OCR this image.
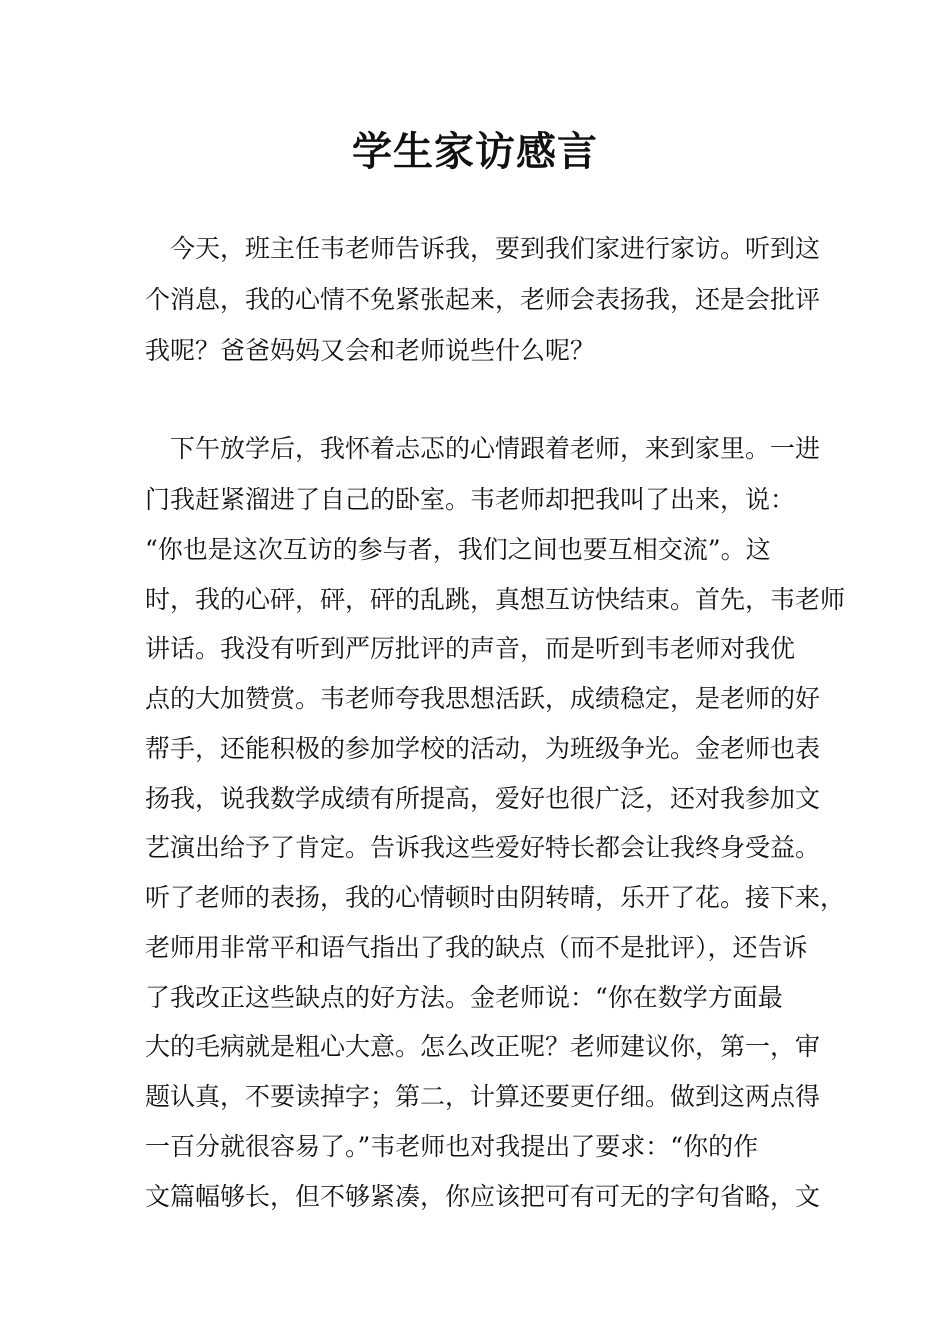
学生家访感言
今天，班主任韦老师告诉我，要到我们家进行家访。听到这
个消息，我的心情不免紧张起来，老师会表扬我，还是会批评
我呢？爸爸妈妈又会和老师说些什么呢？
下午放学后，我怀着忐忑的心情跟着老师，来到家里。一进
门我赶紧溜进了自己的卧室。韦老师却把我叫了出来，说：
“你也是这次互访的参与者，我们之间也要互相交流”。这
时，我的心砰，砰，砰的乱跳，真想互访快结束。首先，韦老师
讲话。我没有听到严厉批评的声音，而是听到韦老师对我优
点的大加赞赏。韦老师夸我思想活跃，成绩稳定，是老师的好
帮手，还能积极的参加学校的活动，为班级争光。金老师也表
扬我，说我数学成绩有所提高，爱好也很广泛，还对我参加文
艺演出给予了肯定。告诉我这些爱好特长都会让我终身受益。
听了老师的表扬，我的心情顿时由阴转晴，乐开了花。接下来，
老师用非常平和语气指出了我的缺点（而不是批评），还告诉
了我改正这些缺点的好方法。金老师说：“你在数学方面最
大的毛病就是粗心大意。怎么改正呢？老师建议你，第一，审
题认真，不要读掉字；第二，计算还要更仔细。做到这两点得
一百分就很容易了。”韦老师也对我提出了要求：“你的作
文篇幅够长，但不够紧凑，你应该把可有可无的字句省略，文
